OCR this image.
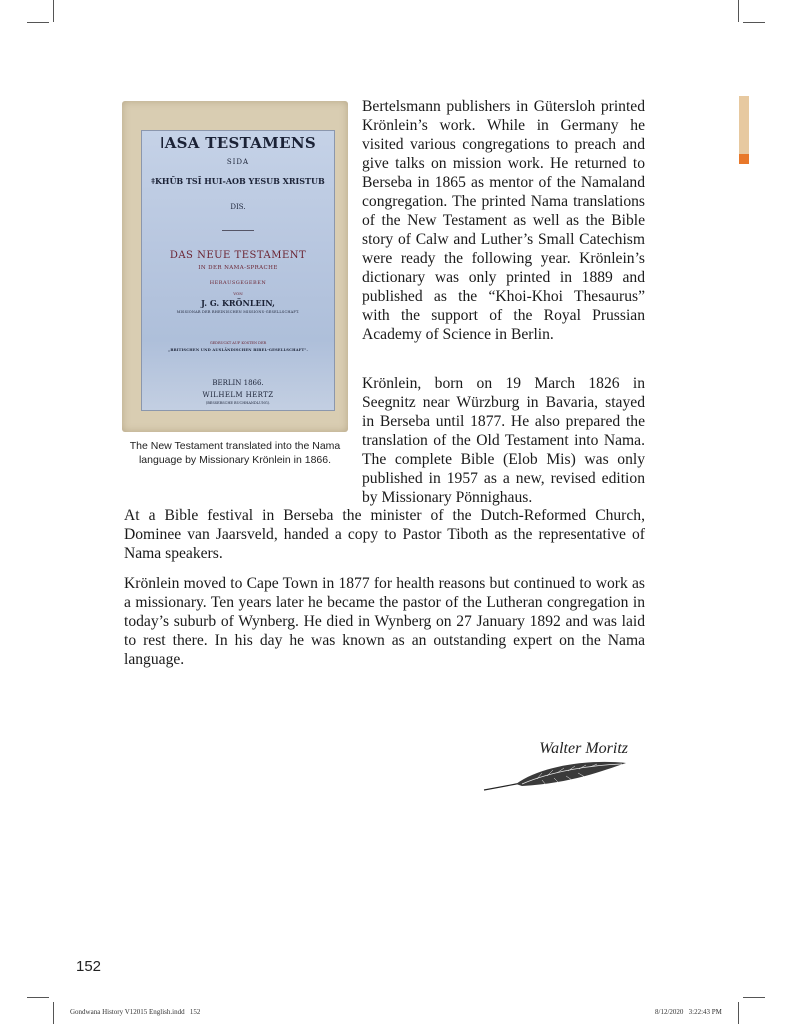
ǀASA TESTAMENS
SIDA
ǂKHŪB TSĪ HUI-AOB YESUB XRISTUB
DIS.
DAS NEUE TESTAMENT
IN DER NAMA-SPRACHE
HERAUSGEGEBEN
VON
J. G. KRÖNLEIN,
MISSIONAR DER RHEINISCHEN MISSIONS-GESELLSCHAFT.
GEDRUCKT AUF KOSTEN DER
„BRITISCHEN UND AUSLÄNDISCHEN BIBEL-GESELLSCHAFT".
BERLIN 1866.
WILHELM HERTZ
(BESSERSCHE BUCHHANDLUNG).
The New Testament translated into the Nama language by Missionary Krönlein in 1866.

Bertelsmann publishers in Gütersloh printed Krönlein’s work. While in Germany he visited various congregations to preach and give talks on mission work. He returned to Berseba in 1865 as mentor of the Namaland congregation. The printed Nama translations of the New Testament as well as the Bible story of Calw and Luther’s Small Catechism were ready the following year. Krönlein’s dictionary was only printed in 1889 and published as the “Khoi-Khoi Thesaurus” with the support of the Royal Prussian Academy of Science in Berlin.

Krönlein, born on 19 March 1826 in Seegnitz near Würzburg in Bavaria, stayed in Berseba until 1877. He also prepared the translation of the Old Testament into Nama. The complete Bible (Elob Mis) was only published in 1957 as a new, revised edition by Missionary Pönnighaus.

At a Bible festival in Berseba the minister of the Dutch-Reformed Church, Dominee van Jaarsveld, handed a copy to Pastor Tiboth as the representative of Nama speakers.

Krönlein moved to Cape Town in 1877 for health reasons but continued to work as a missionary. Ten years later he became the pastor of the Lutheran congregation in today’s suburb of Wynberg. He died in Wynberg on 27 January 1892 and was laid to rest there. In his day he was known as an outstanding expert on the Nama language.

Walter Moritz
152
Gondwana History V12015 English.indd   152	8/12/2020   3:22:43 PM
